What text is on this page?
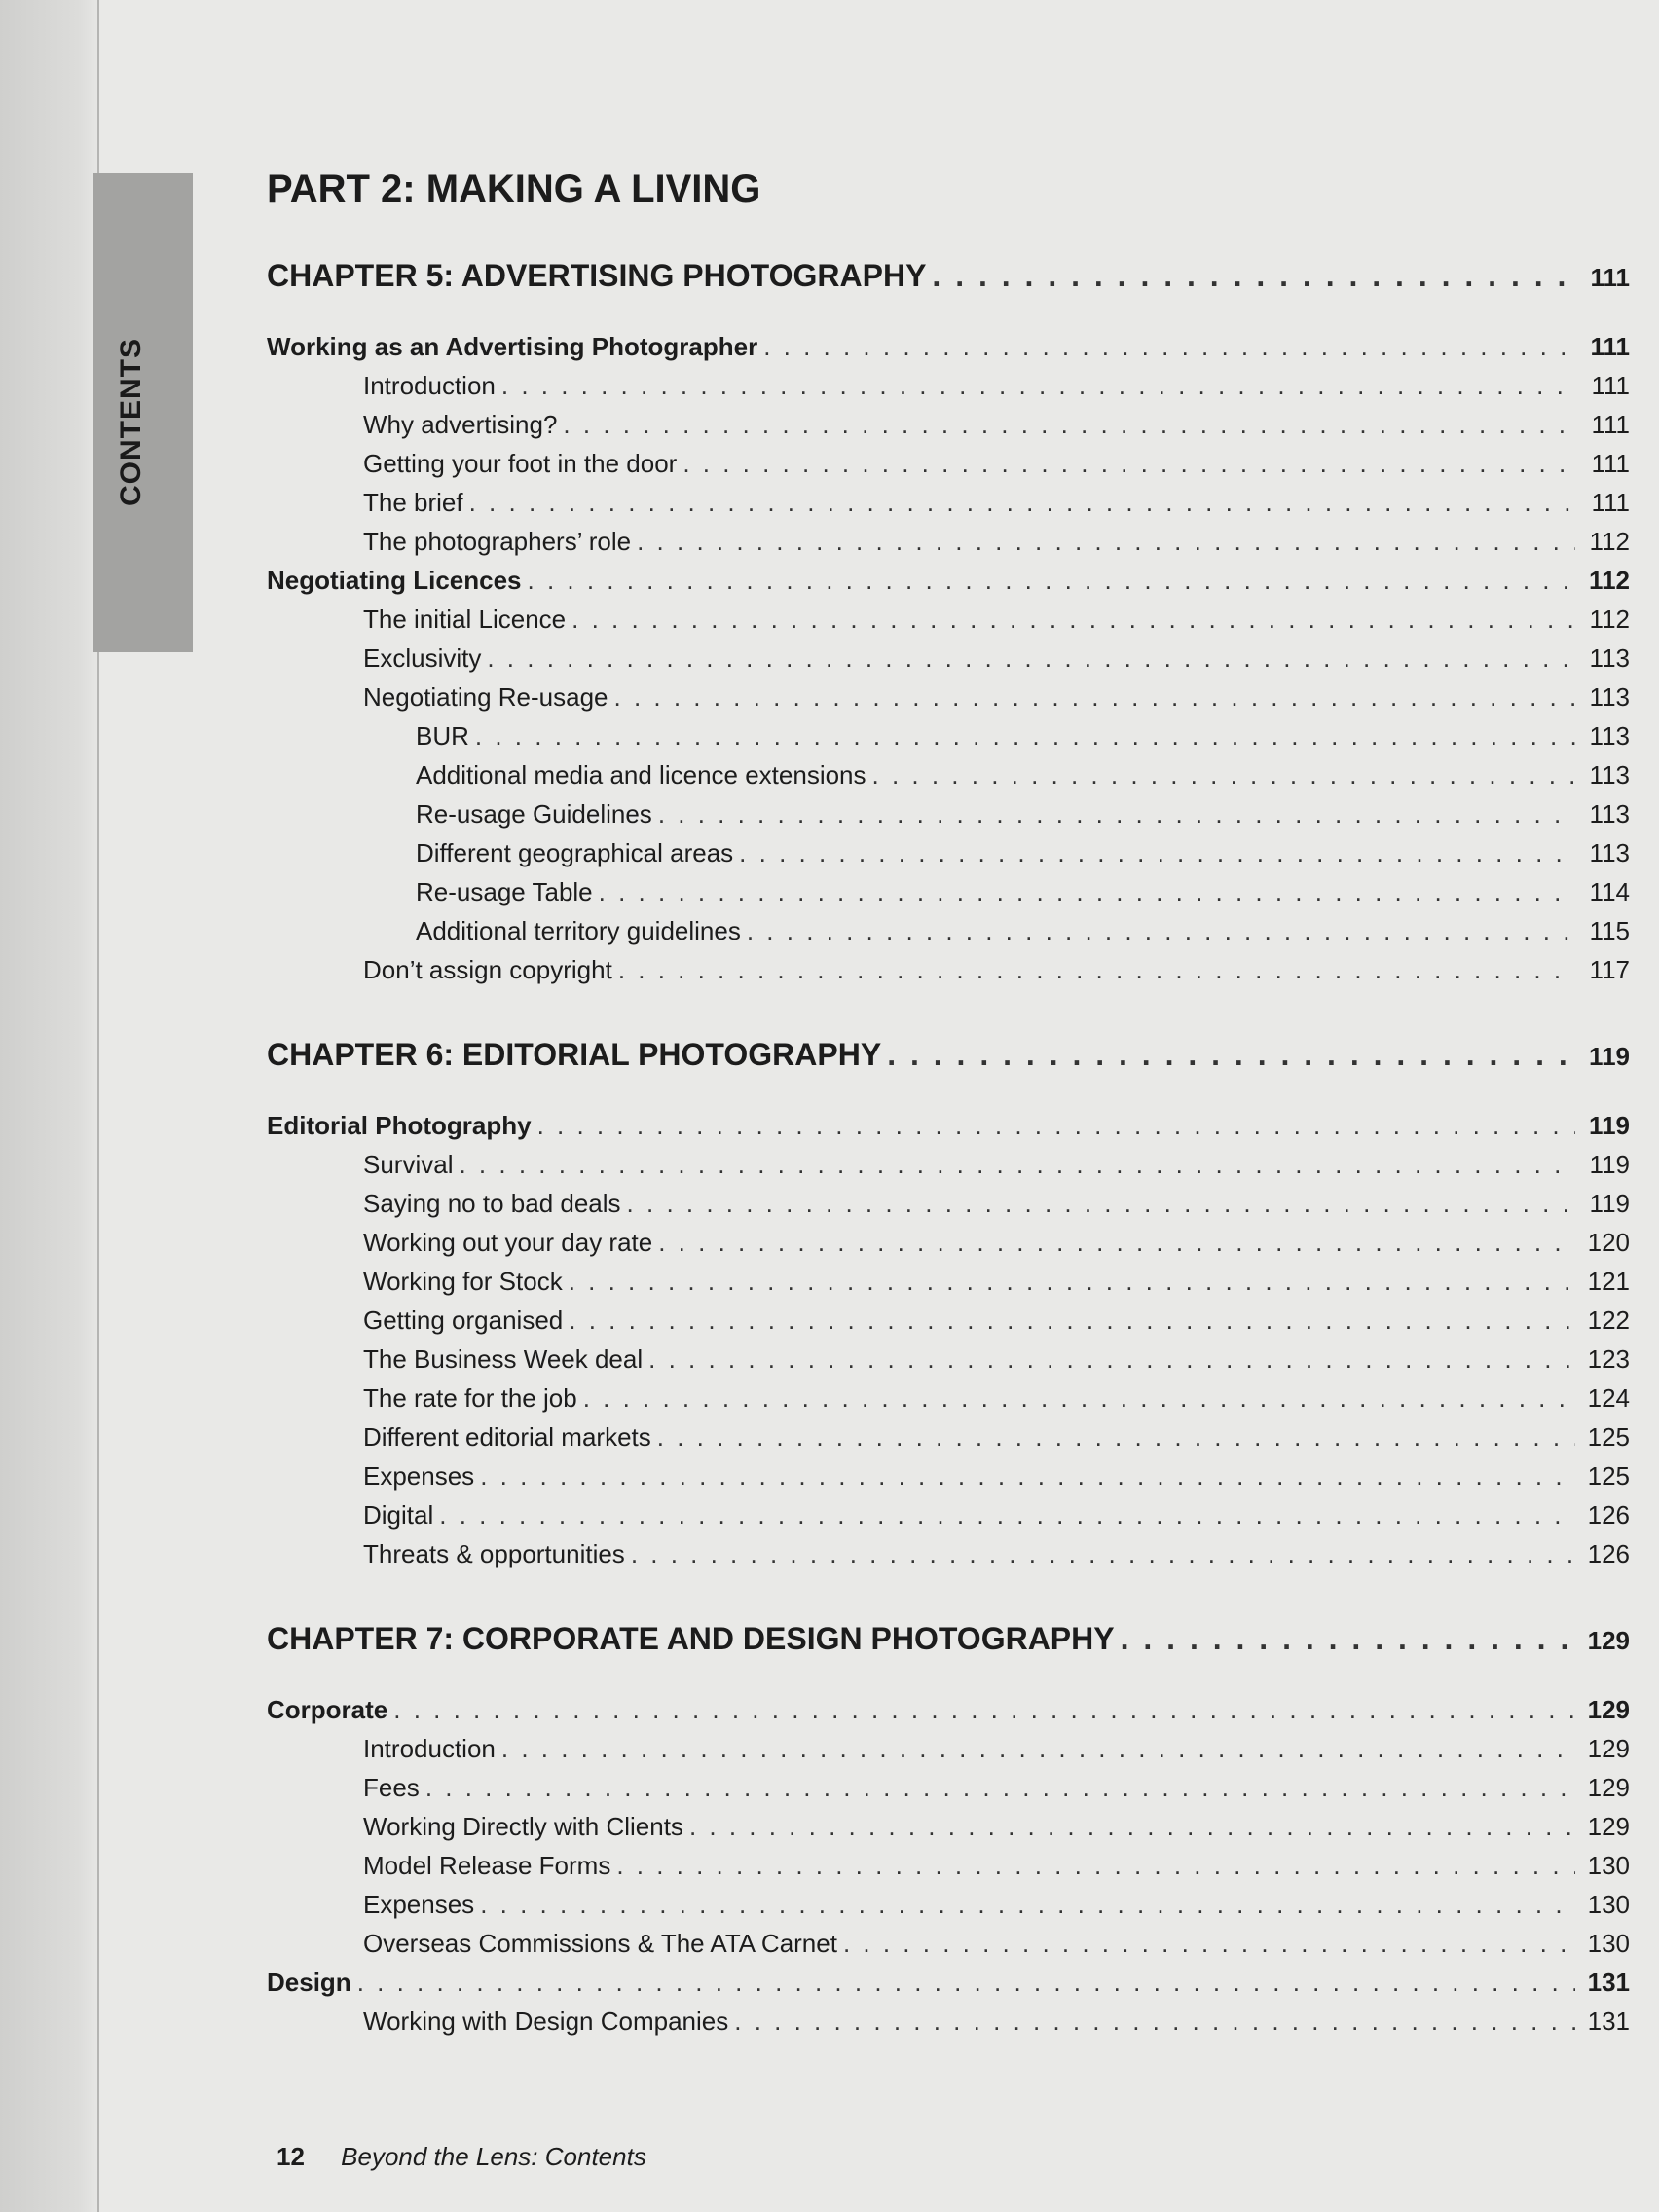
CONTENTS
PART 2: MAKING A LIVING
CHAPTER 5: ADVERTISING PHOTOGRAPHY . . .	111
Working as an Advertising Photographer . . .	111
Introduction . . .	111
Why advertising? . . .	111
Getting your foot in the door . . .	111
The brief . . .	111
The photographers’ role . . .	112
Negotiating Licences . . .	112
The initial Licence . . .	112
Exclusivity . . .	113
Negotiating Re-usage . . .	113
BUR . . .	113
Additional media and licence extensions . . .	113
Re-usage Guidelines . . .	113
Different geographical areas . . .	113
Re-usage Table . . .	114
Additional territory guidelines . . .	115
Don’t assign copyright . . .	117
CHAPTER 6: EDITORIAL PHOTOGRAPHY . . .	119
Editorial Photography . . .	119
Survival . . .	119
Saying no to bad deals . . .	119
Working out your day rate . . .	120
Working for Stock . . .	121
Getting organised . . .	122
The Business Week deal . . .	123
The rate for the job . . .	124
Different editorial markets . . .	125
Expenses . . .	125
Digital . . .	126
Threats & opportunities . . .	126
CHAPTER 7: CORPORATE AND DESIGN PHOTOGRAPHY . . .	129
Corporate . . .	129
Introduction . . .	129
Fees . . .	129
Working Directly with Clients . . .	129
Model Release Forms . . .	130
Expenses . . .	130
Overseas Commissions & The ATA Carnet . . .	130
Design . . .	131
Working with Design Companies . . .	131
12 Beyond the Lens: Contents
